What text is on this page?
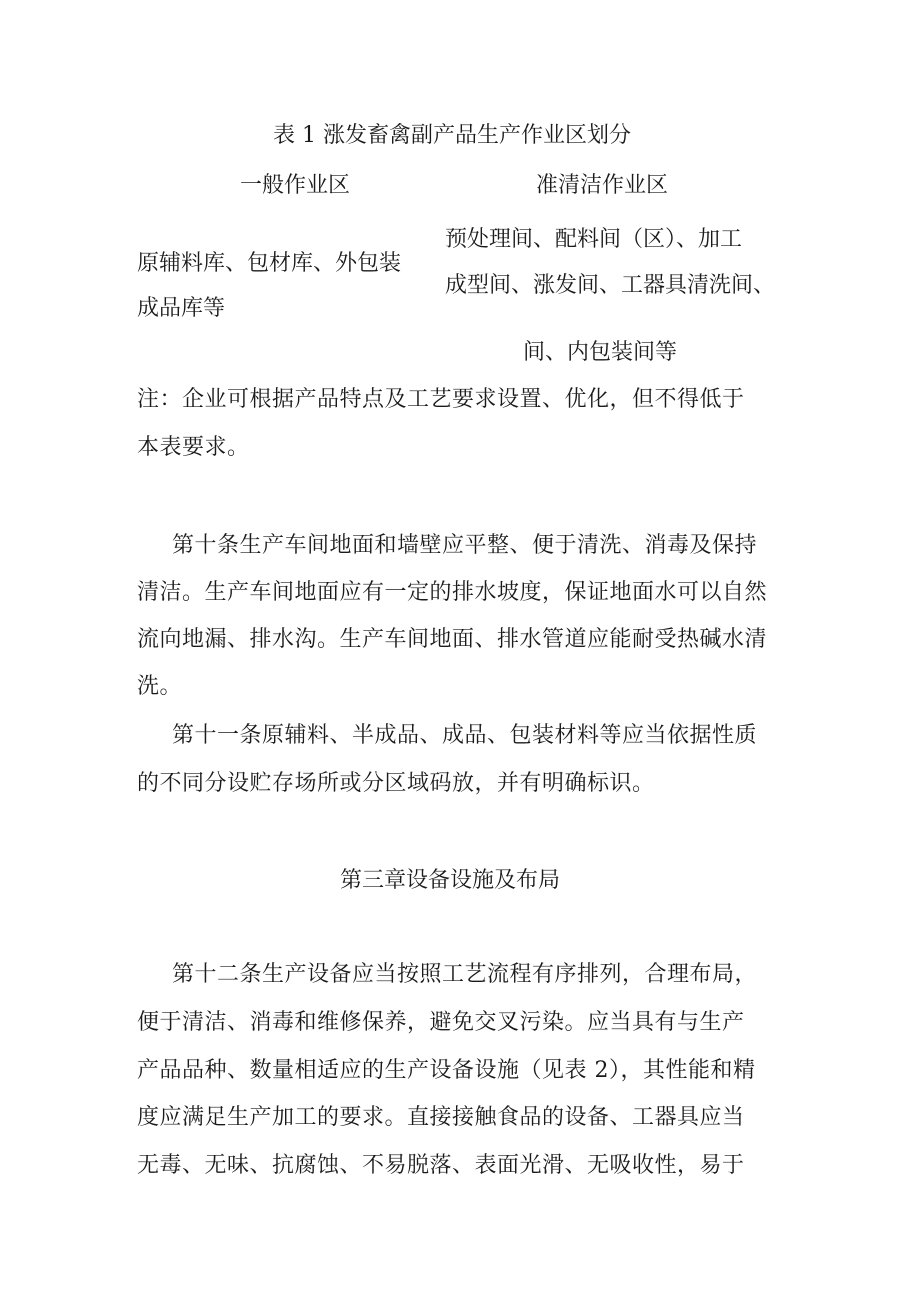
表 1 涨发畜禽副产品生产作业区划分
一般作业区	准清洁作业区
原辅料库、包材库、外包装
成品库等
预处理间、配料间（区）、加工
成型间、涨发间、工器具清洗间、
间、内包装间等
注：企业可根据产品特点及工艺要求设置、优化，但不得低于
本表要求。
第十条生产车间地面和墙壁应平整、便于清洗、消毒及保持
清洁。生产车间地面应有一定的排水坡度，保证地面水可以自然
流向地漏、排水沟。生产车间地面、排水管道应能耐受热碱水清
洗。
第十一条原辅料、半成品、成品、包装材料等应当依据性质
的不同分设贮存场所或分区域码放，并有明确标识。
第三章设备设施及布局
第十二条生产设备应当按照工艺流程有序排列，合理布局，
便于清洁、消毒和维修保养，避免交叉污染。应当具有与生产
产品品种、数量相适应的生产设备设施（见表 2），其性能和精
度应满足生产加工的要求。直接接触食品的设备、工器具应当
无毒、无味、抗腐蚀、不易脱落、表面光滑、无吸收性，易于
